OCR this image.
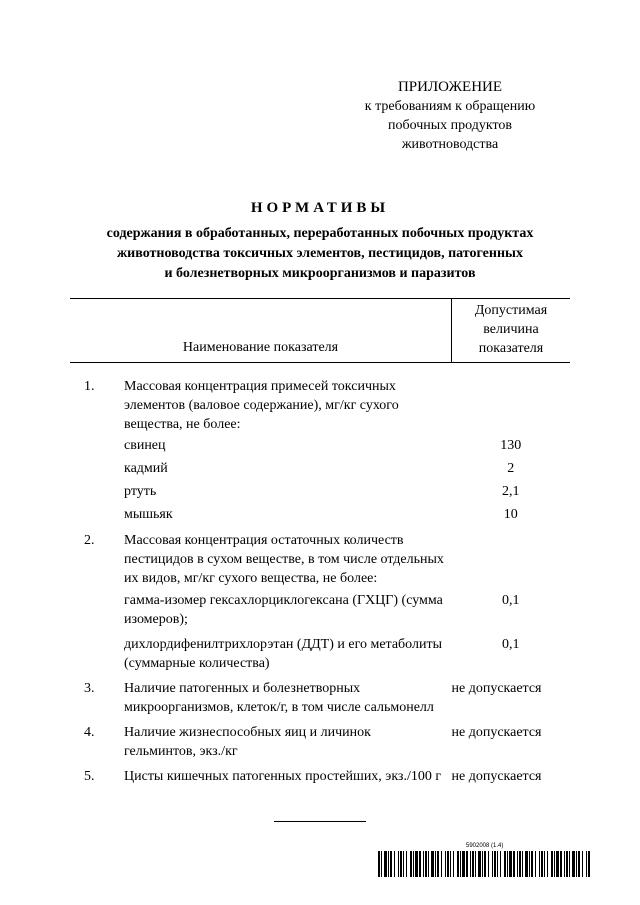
ПРИЛОЖЕНИЕ
к требованиям к обращению
побочных продуктов
животноводства
НОРМАТИВЫ
содержания в обработанных, переработанных побочных продуктах
животноводства токсичных элементов, пестицидов, патогенных
и болезнетворных микроорганизмов и паразитов
Наименование показателя		Допустимая величина показателя
1.	Массовая концентрация примесей токсичных элементов (валовое содержание), мг/кг сухого вещества, не более:	
	свинец	130
	кадмий	2
	ртуть	2,1
	мышьяк	10
2.	Массовая концентрация остаточных количеств пестицидов в сухом веществе, в том числе отдельных их видов, мг/кг сухого вещества, не более:	
	гамма-изомер гексахлорциклогексана (ГХЦГ) (сумма изомеров);	0,1
	дихлордифенилтрихлорэтан (ДДТ) и его метаболиты (суммарные количества)	0,1
3.	Наличие патогенных и болезнетворных микроорганизмов, клеток/г, в том числе сальмонелл	не допускается
4.	Наличие жизнеспособных яиц и личинок гельминтов, экз./кг	не допускается
5.	Цисты кишечных патогенных простейших, экз./100 г	не допускается
5902008 (1.4)
